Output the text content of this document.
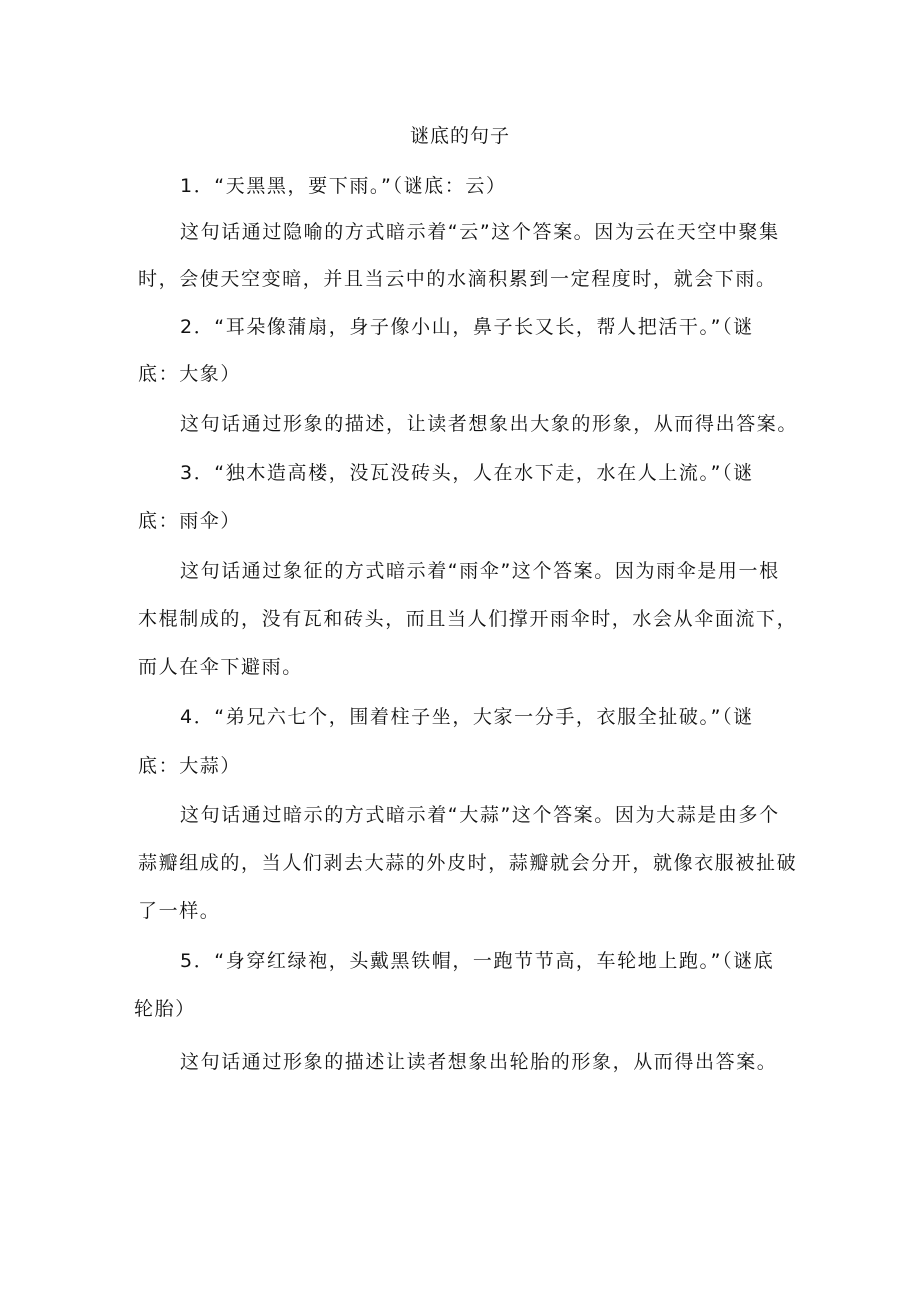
谜底的句子
1．“天黑黑，要下雨。”（谜底：云）
这句话通过隐喻的方式暗示着“云”这个答案。因为云在天空中聚集
时，会使天空变暗，并且当云中的水滴积累到一定程度时，就会下雨。
2．“耳朵像蒲扇，身子像小山，鼻子长又长，帮人把活干。”（谜
底：大象）
这句话通过形象的描述，让读者想象出大象的形象，从而得出答案。
3．“独木造高楼，没瓦没砖头，人在水下走，水在人上流。”（谜
底：雨伞）
这句话通过象征的方式暗示着“雨伞”这个答案。因为雨伞是用一根
木棍制成的，没有瓦和砖头，而且当人们撑开雨伞时，水会从伞面流下，
而人在伞下避雨。
4．“弟兄六七个，围着柱子坐，大家一分手，衣服全扯破。”（谜
底：大蒜）
这句话通过暗示的方式暗示着“大蒜”这个答案。因为大蒜是由多个
蒜瓣组成的，当人们剥去大蒜的外皮时，蒜瓣就会分开，就像衣服被扯破
了一样。
5．“身穿红绿袍，头戴黑铁帽，一跑节节高，车轮地上跑。”（谜底
轮胎）
这句话通过形象的描述让读者想象出轮胎的形象，从而得出答案。
